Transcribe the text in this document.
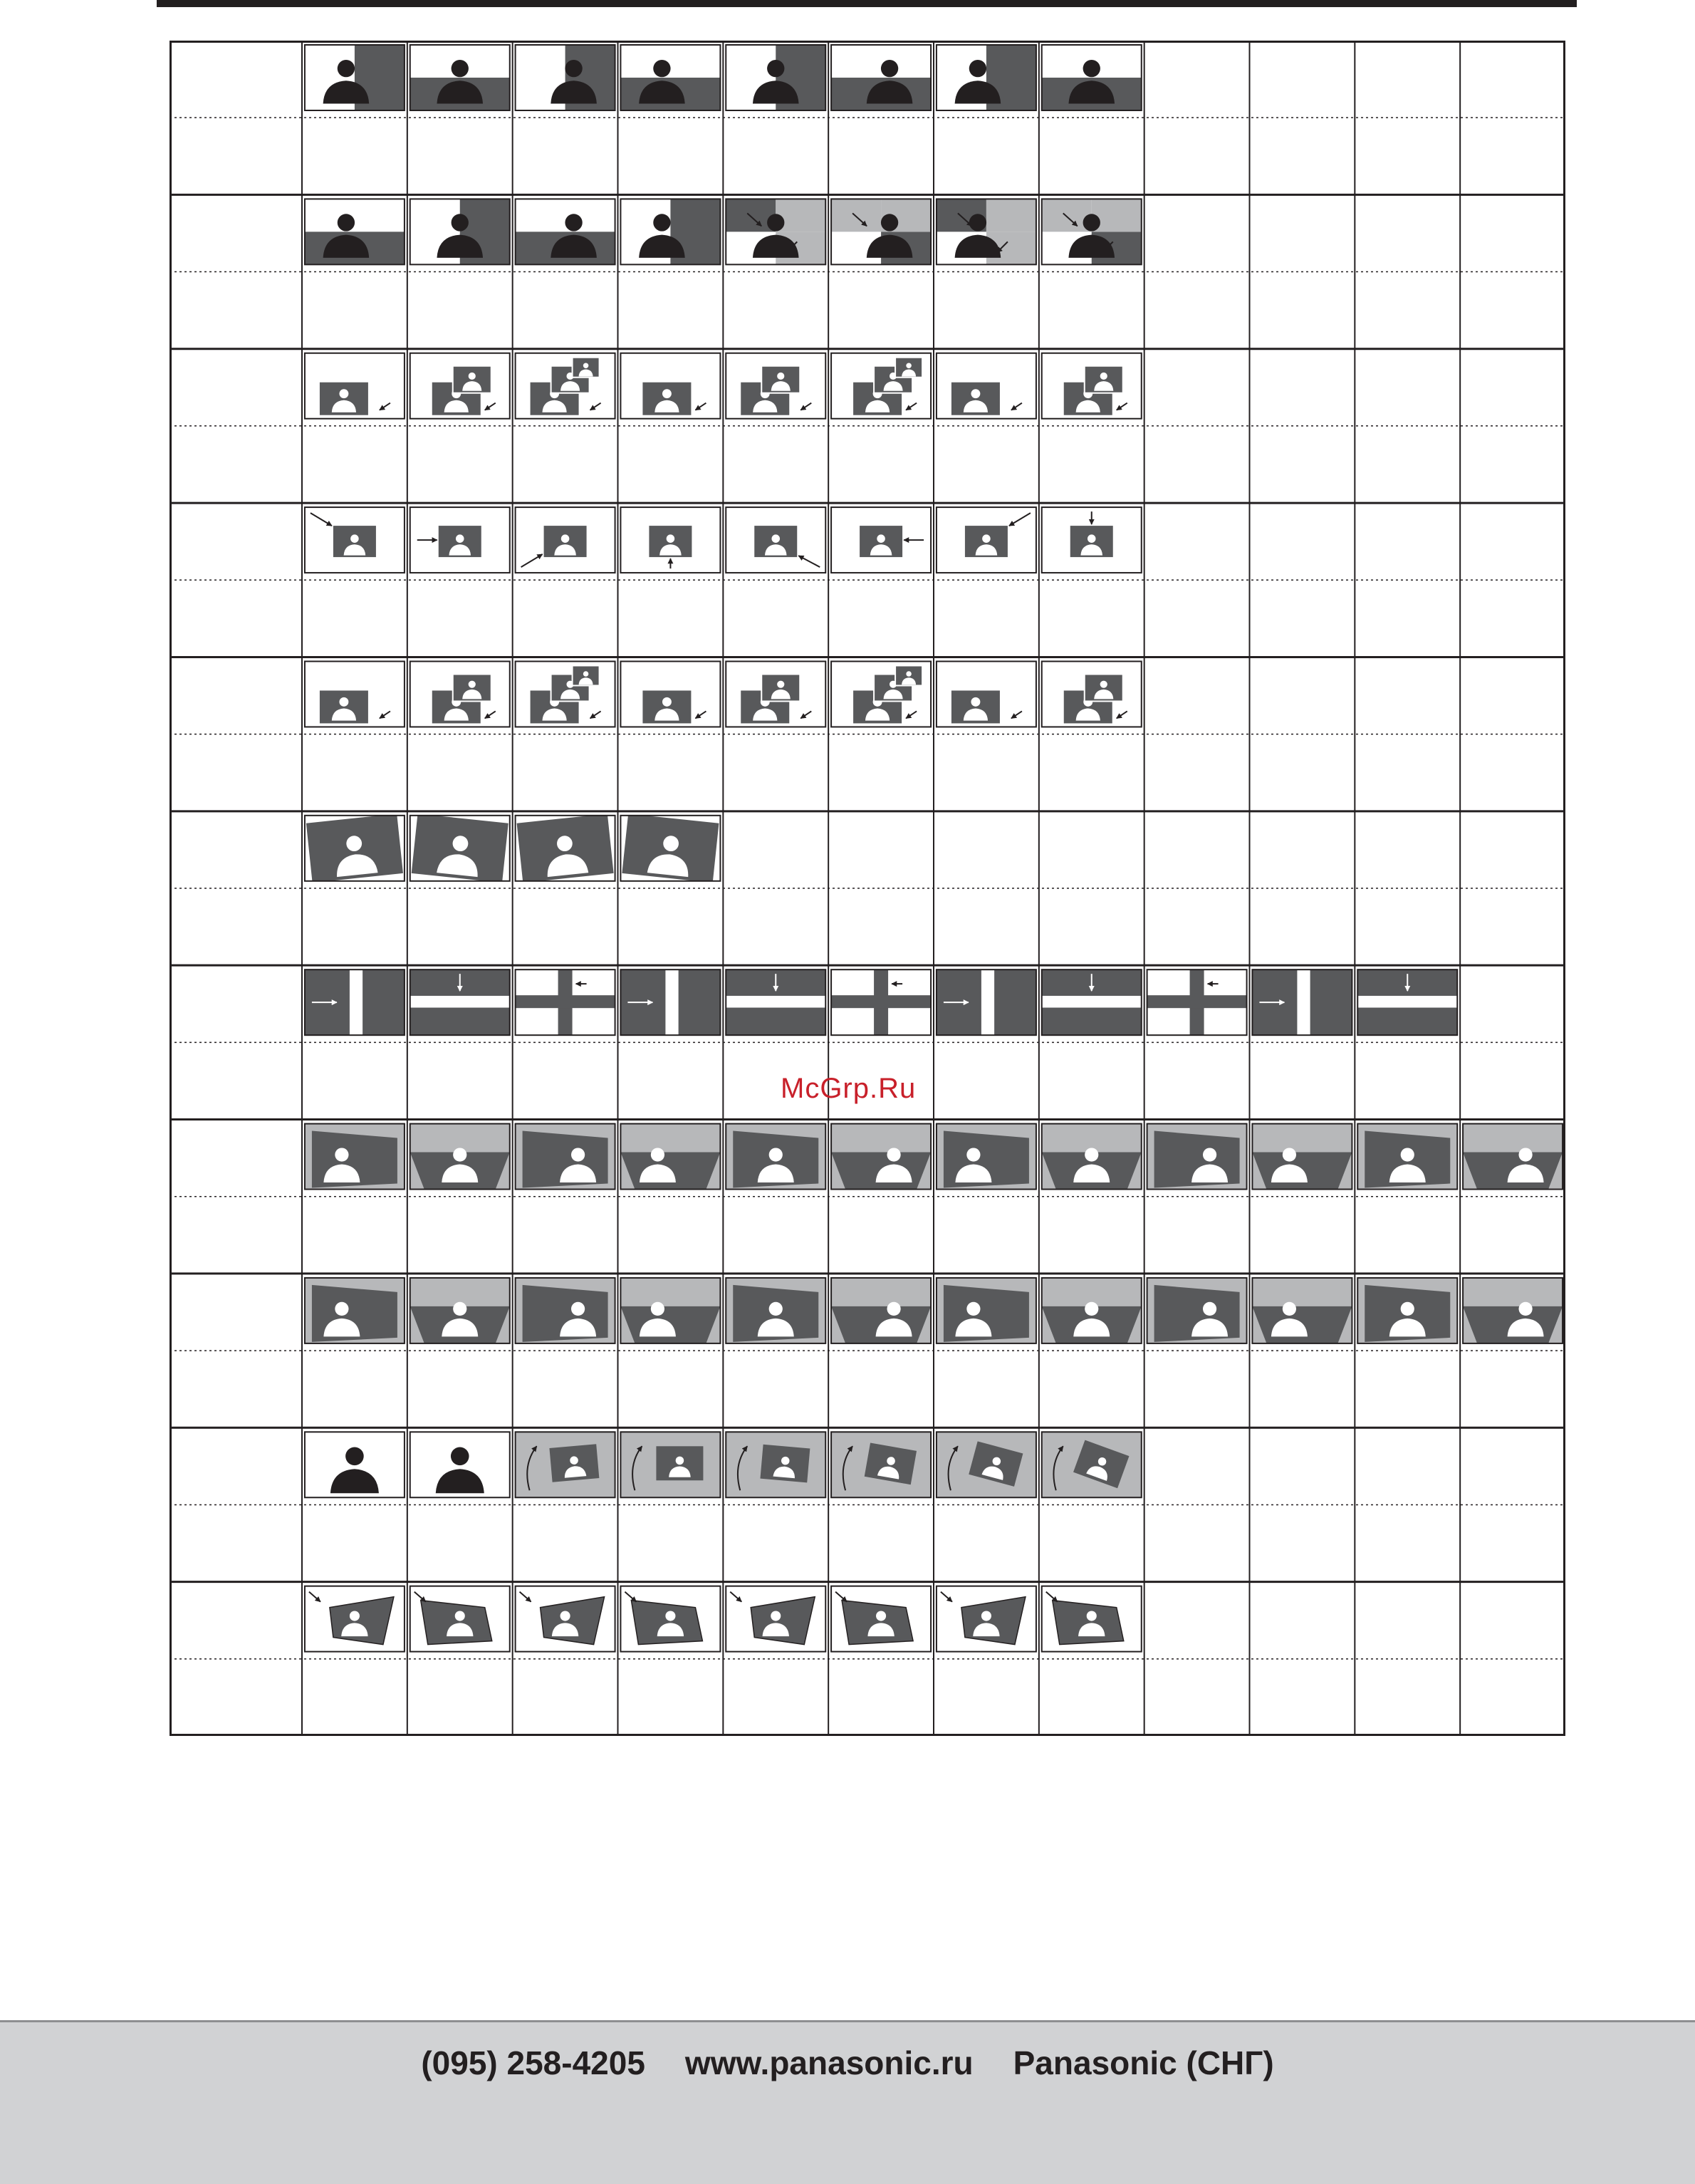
McGrp.Ru
(095) 258-4205 www.panasonic.ru Panasonic (СНГ)
